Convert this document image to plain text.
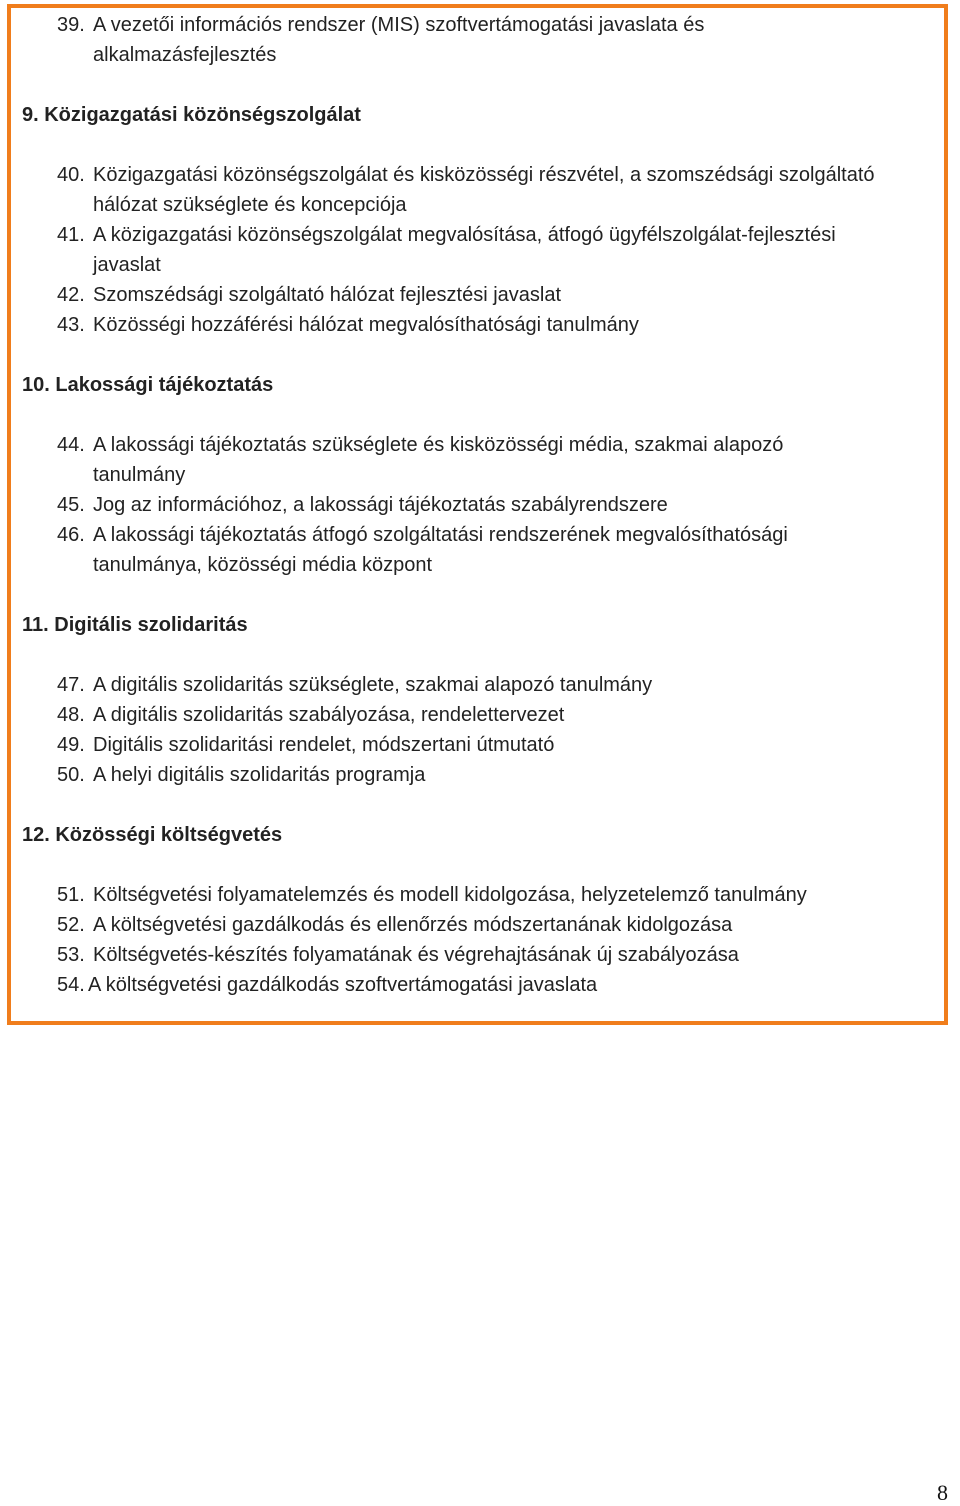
39. A vezetői információs rendszer (MIS) szoftvertámogatási javaslata és
alkalmazásfejlesztés
9. Közigazgatási közönségszolgálat
40. Közigazgatási közönségszolgálat és kisközösségi részvétel, a szomszédsági szolgáltató
hálózat szükséglete és koncepciója
41. A közigazgatási közönségszolgálat megvalósítása, átfogó ügyfélszolgálat-fejlesztési
javaslat
42. Szomszédsági szolgáltató hálózat fejlesztési javaslat
43. Közösségi hozzáférési hálózat megvalósíthatósági tanulmány
10. Lakossági tájékoztatás
44. A lakossági tájékoztatás szükséglete és kisközösségi média, szakmai alapozó
tanulmány
45. Jog az információhoz, a lakossági tájékoztatás szabályrendszere
46. A lakossági tájékoztatás átfogó szolgáltatási rendszerének megvalósíthatósági
tanulmánya, közösségi média központ
11. Digitális szolidaritás
47. A digitális szolidaritás szükséglete, szakmai alapozó tanulmány
48. A digitális szolidaritás szabályozása, rendelettervezet
49. Digitális szolidaritási rendelet, módszertani útmutató
50. A helyi digitális szolidaritás programja
12. Közösségi költségvetés
51. Költségvetési folyamatelemzés és modell kidolgozása, helyzetelemző tanulmány
52. A költségvetési gazdálkodás és ellenőrzés módszertanának kidolgozása
53. Költségvetés-készítés folyamatának és végrehajtásának új szabályozása
54. A költségvetési gazdálkodás szoftvertámogatási javaslata
8
